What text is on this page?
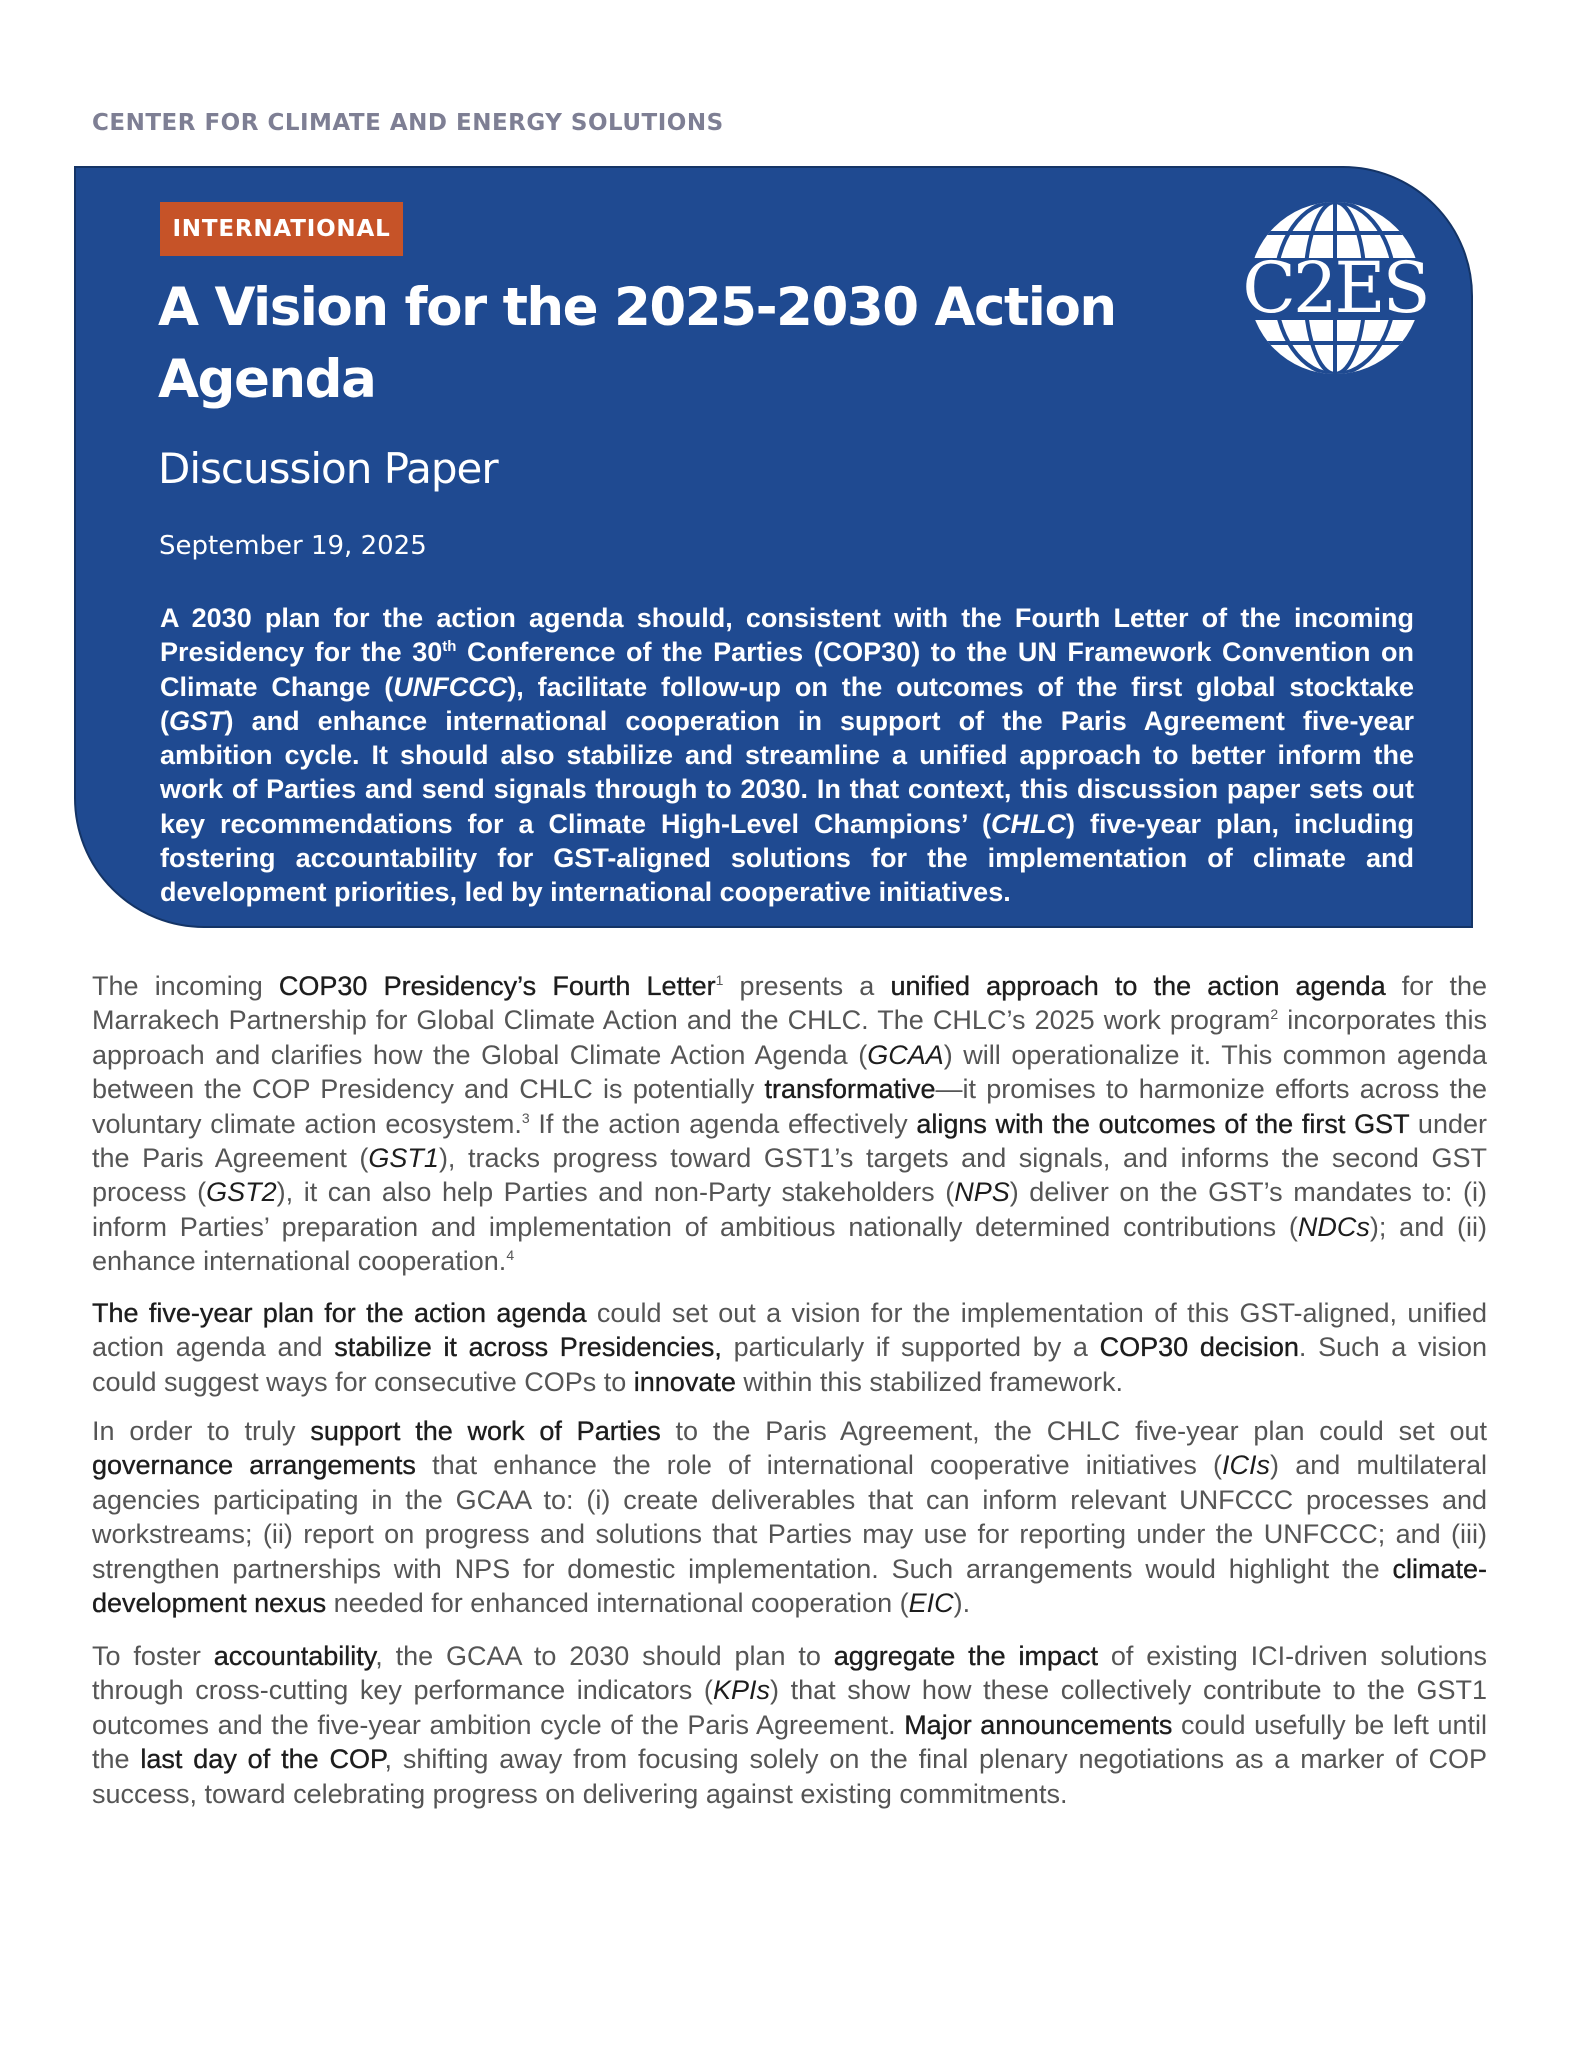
CENTER FOR CLIMATE AND ENERGY SOLUTIONS
INTERNATIONAL
A Vision for the 2025-2030 Action Agenda
Discussion Paper
September 19, 2025
C2ES
A 2030 plan for the action agenda should, consistent with the Fourth Letter of the incoming Presidency for the 30th Conference of the Parties (COP30) to the UN Framework Convention on Climate Change (UNFCCC), facilitate follow-up on the outcomes of the first global stocktake (GST) and enhance international cooperation in support of the Paris Agreement five-year ambition cycle. It should also stabilize and streamline a unified approach to better inform the work of Parties and send signals through to 2030. In that context, this discussion paper sets out key recommendations for a Climate High-Level Champions’ (CHLC) five-year plan, including fostering accountability for GST-aligned solutions for the implementation of climate and development priorities, led by international cooperative initiatives.
The incoming COP30 Presidency’s Fourth Letter$^1$ presents a unified approach to the action agenda for the Marrakech Partnership for Global Climate Action and the CHLC. The CHLC’s 2025 work program$^2$ incorporates this approach and clarifies how the Global Climate Action Agenda (GCAA) will operationalize it. This common agenda between the COP Presidency and CHLC is potentially transformative—it promises to harmonize efforts across the voluntary climate action ecosystem.$^3$ If the action agenda effectively aligns with the outcomes of the first GST under the Paris Agreement (GST1), tracks progress toward GST1’s targets and signals, and informs the second GST process (GST2), it can also help Parties and non-Party stakeholders (NPS) deliver on the GST’s mandates to: (i) inform Parties’ preparation and implementation of ambitious nationally determined contributions (NDCs); and (ii) enhance international cooperation.$^4$
The five-year plan for the action agenda could set out a vision for the implementation of this GST-aligned, unified action agenda and stabilize it across Presidencies, particularly if supported by a COP30 decision. Such a vision could suggest ways for consecutive COPs to innovate within this stabilized framework.
In order to truly support the work of Parties to the Paris Agreement, the CHLC five-year plan could set out governance arrangements that enhance the role of international cooperative initiatives (ICIs) and multilateral agencies participating in the GCAA to: (i) create deliverables that can inform relevant UNFCCC processes and workstreams; (ii) report on progress and solutions that Parties may use for reporting under the UNFCCC; and (iii) strengthen partnerships with NPS for domestic implementation. Such arrangements would highlight the climate-development nexus needed for enhanced international cooperation (EIC).
To foster accountability, the GCAA to 2030 should plan to aggregate the impact of existing ICI-driven solutions through cross-cutting key performance indicators (KPIs) that show how these collectively contribute to the GST1 outcomes and the five-year ambition cycle of the Paris Agreement. Major announcements could usefully be left until the last day of the COP, shifting away from focusing solely on the final plenary negotiations as a marker of COP success, toward celebrating progress on delivering against existing commitments.
